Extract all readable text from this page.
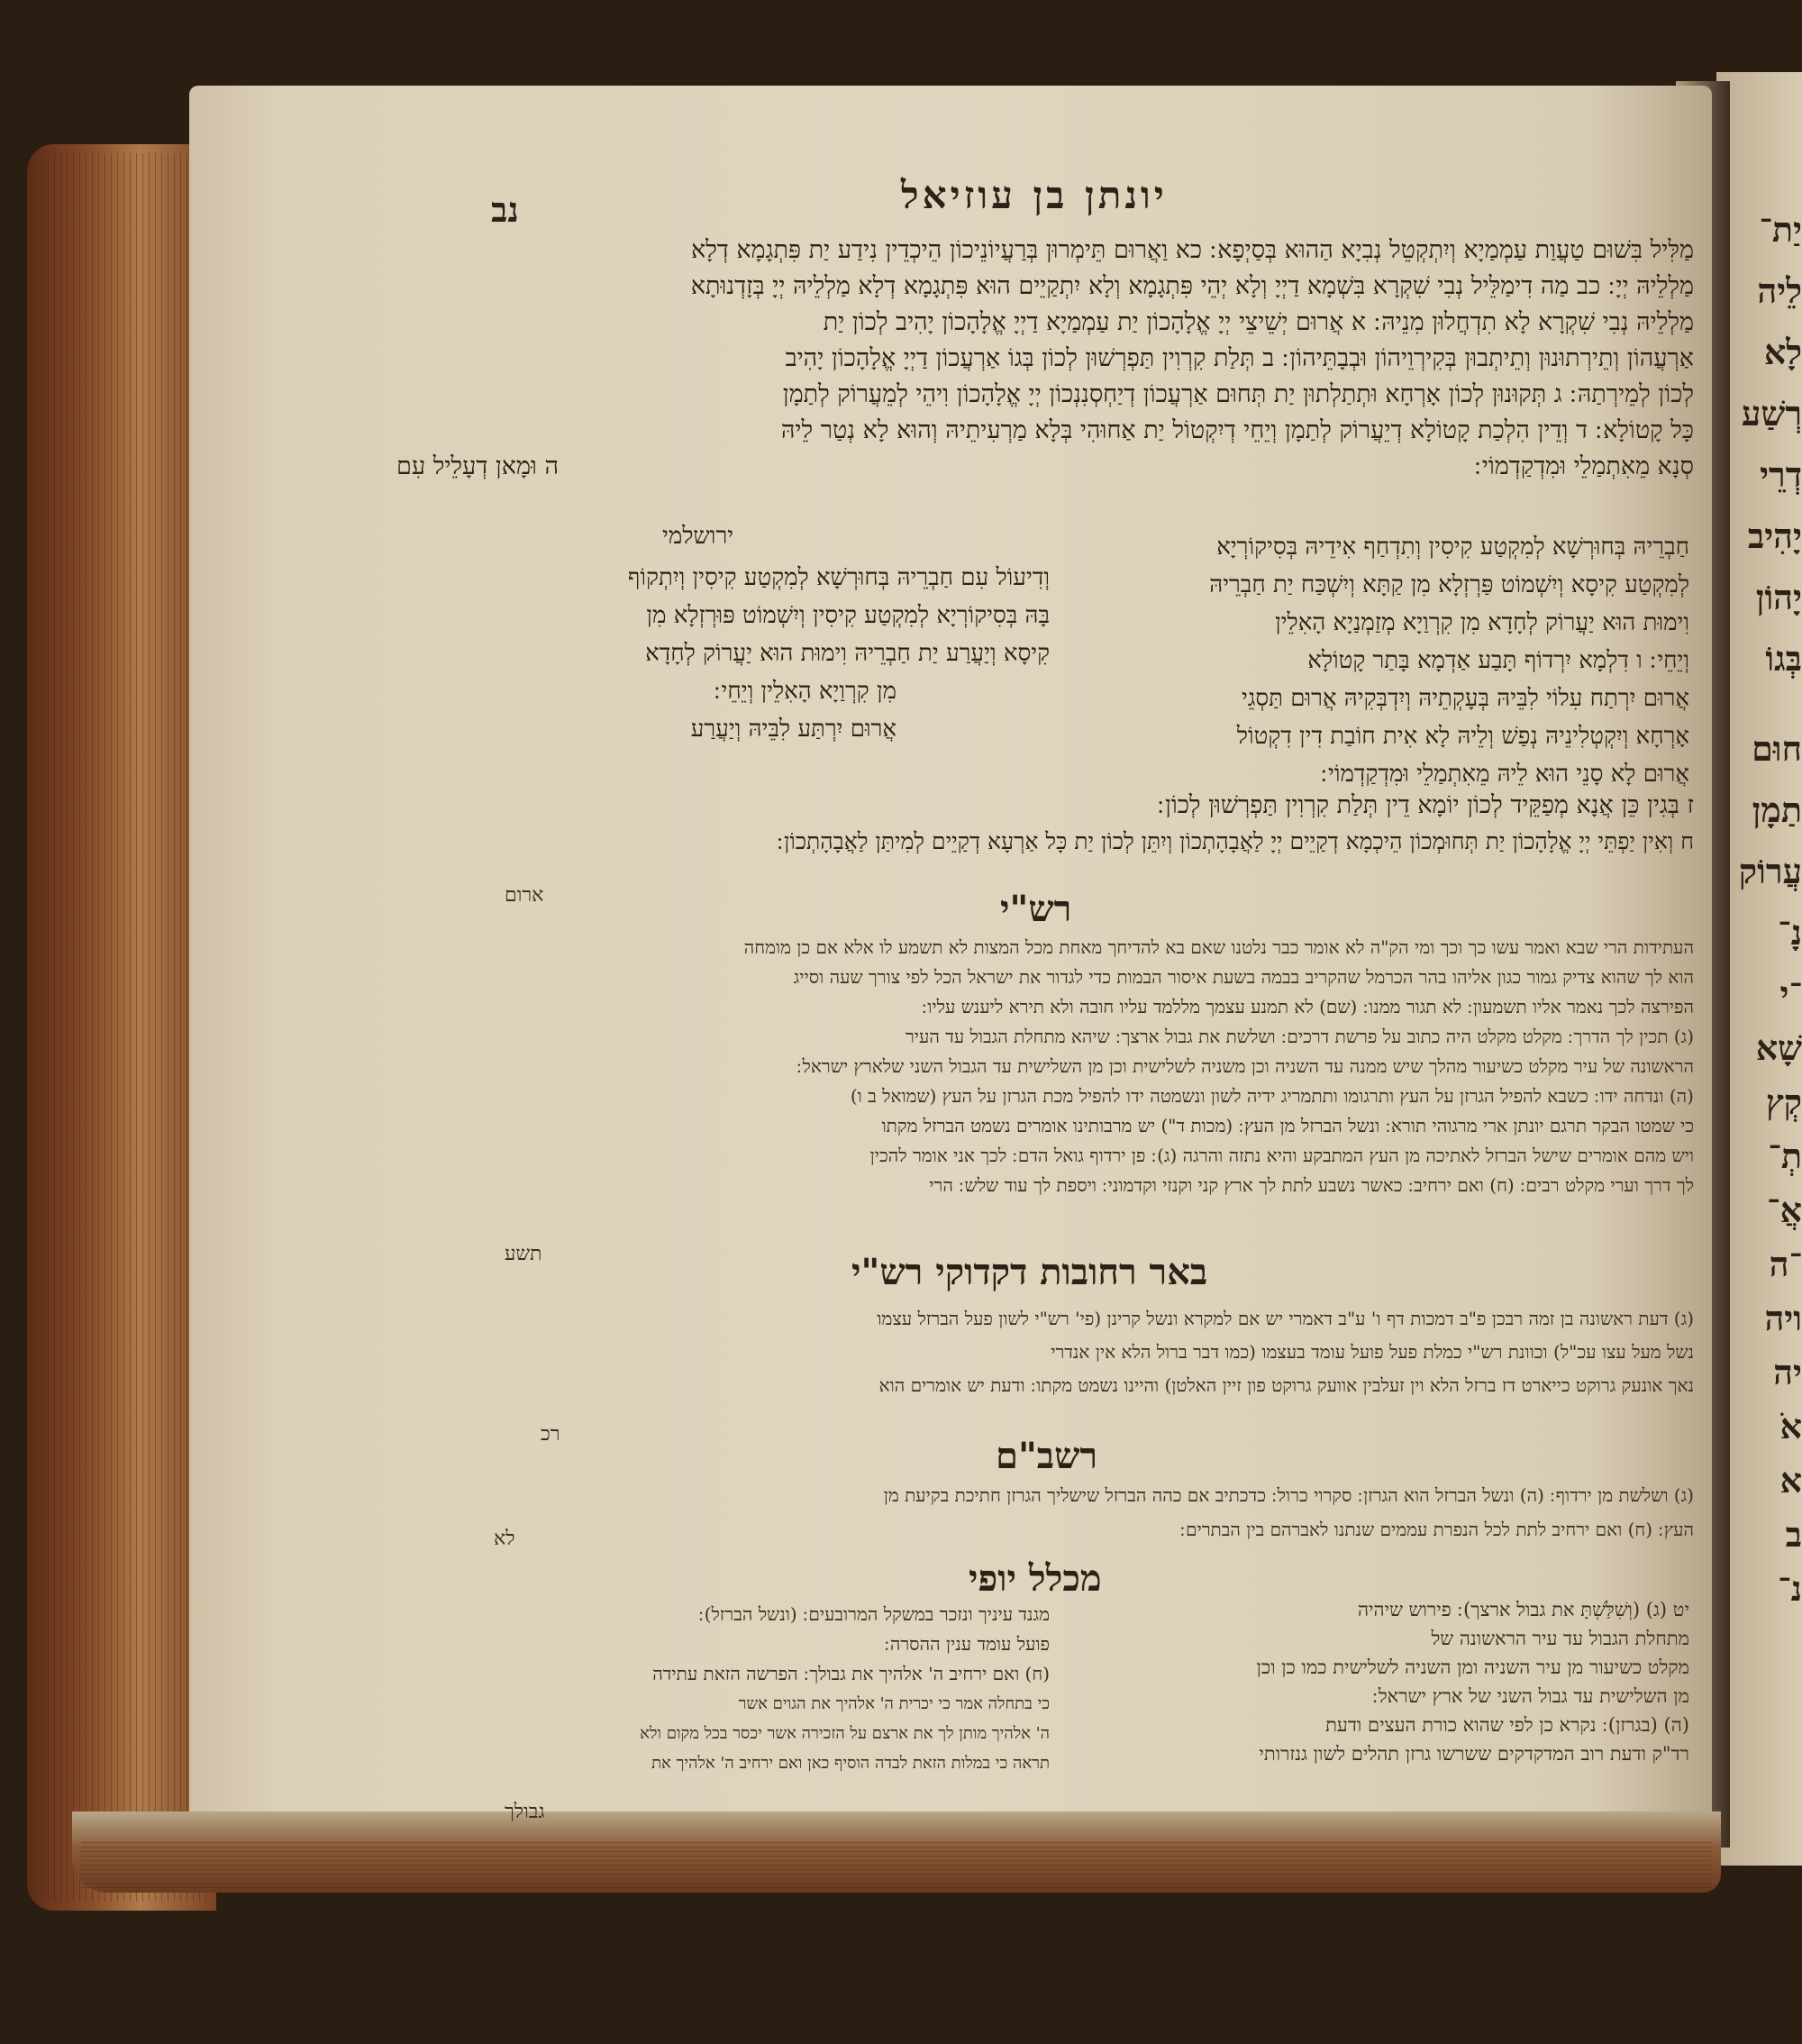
יונתן בן עוזיאל
נב
מַלִּיל בִּשׁוּם טַעֲוַת עַמְמַיָא וְיִתְקְטֵל נְבִיָא הַהוּא בְּסַיְפָא ׃ כא וַאֲרוּם תֵּימְרוּן בְּרַעֲיוֹנֵיכוֹן הֵיכְדֵין נִידַע יַת פִּתְגָמָא דְלָא
מַלְלֵיהּ יְיָ ׃ כב מַה דִימַלֵּיל נְבִי שִׁקְרָא בִּשְׁמָא דַיְיָ וְלָא יְהֵי פִּתְגָמָא וְלָא יִתְקַיֵים הוּא פִּתְגָמָא דְלָא מַלְלֵיהּ יְיָ בְּזָדְנוּתָא
מַלְלֵיהּ נְבִי שִׁקְרָא לָא תִדְחֲלוּן מִנֵיהּ ׃ א אֲרוּם יְשֵׁיצֵי יְיָ אֱלָהָכוֹן יַת עַמְמַיָא דַיְיָ אֱלָהָכוֹן יָהִיב לְכוֹן יַת
אַרְעֲהוֹן וְתֵירְתוּנוּן וְתֵיתְבוּן בְּקִירְוֵיהוֹן וּבְבָתֵּיהוֹן ׃ ב תְּלַת קִרְוִין תַּפְרְשׁוּן לְכוֹן בְּגוֹ אַרְעֲכוֹן דַיְיָ אֱלָהָכוֹן יָהִיב
לְכוֹן לְמֵירְתַהּ ׃ ג תְּקוּנוּן לְכוֹן אָרְחָא וּתְתַלְתוּן יַת תְּחוּם אַרְעֲכוֹן דְיַחְסְנִנְכוֹן יְיָ אֱלָהָכוֹן וִיהֵי לְמֵעֲרוֹק לְתַמָן
כָּל קָטוֹלָא ׃ ד וְדֵין הִלְכַת קָטוֹלָא דְיֵעֲרוֹק לְתַמָן וְיֵחֵי דְיִקְטוֹל יַת אַחוּהִי בְּלָא מַרְעִיתֵיהּ וְהוּא לָא נְטַר לֵיהּ
סְנָא מֵאִתְמַלֵי וּמִדְקַדְמוֹי ׃
ה וּמָאן דְעָלֵיל עִם
חַבְרֵיהּ בְּחוּרְשָׁא לְמִקְטַע קִיסִין וְתִדְחַף אִידֵיהּ בְּסִיקוֹרְיָא
לְמִקְטַע קִיסָא וְיִשְׁמוֹט פַּרְזְלָא מִן קַתָּא וְיִשְׁכַּח יַת חַבְרֵיהּ
וִימוּת הוּא יַעֲרוֹק לְחָדָא מִן קִרְוַיָא מְזַמְנַיָא הָאִלֵין
וְיֵחֵי ׃ ו דִלְמָא יִרְדוֹף תָּבַע אַדְמָא בָּתַר קָטוֹלָא
אֲרוּם יִרְתַח עִלוֹי לִבֵּיהּ בְּעָקְתֵיהּ וְיִדְבְּקִיהּ אֲרוּם תַּסְגֵי
אָרְחָא וְיִקְטְלִינֵיהּ נְפַשׁ וְלֵיהּ לָא אִית חוֹבַת דִין דִקְטוֹל
אֲרוּם לָא סָנֵי הוּא לֵיהּ מֵאִתְמַלֵי וּמִדְקַדְמוֹי ׃
ירושלמי
וְדִיעוֹל עִם חַבְרֵיהּ בְּחוּרְשָׁא לְמִקְטַע קִיסִין וְיִתְקוֹף
בָּהּ בְּסִיקוֹרְיָא לְמִקְטַע קִיסִין וְיִשְׁמוֹט פּוּרְזְלָא מִן
קִיסָא וְיַעֲרַע יַת חַבְרֵיהּ וִימוּת הוּא יַעֲרוֹק לְחָדָא
מִן קִרְוַיָא הָאִלֵין וְיֵחֵי ׃
אֲרוּם יִרְתַּע לִבֵּיהּ וְיַעֲרַע
ז בְּגִין כֵּן אֲנָא מְפַקֵּיד לְכוֹן יוֹמָא דֵין תְּלַת קִרְוִין תַּפְרְשׁוּן לְכוֹן ׃
ח וְאִין יַפְתֵּי יְיָ אֱלָהָכוֹן יַת תְּחוּמְכוֹן הֵיכְמָא דְקַיֵים יְיָ לַאֲבָהָתְכוֹן וְיִתֵּן לְכוֹן יַת כָּל אַרְעָא דְקַיֵים לְמִיתַּן לַאֲבָהָתְכוֹן ׃
ארום	רש"י
העתידות הרי שבא ואמר עשו כך וכך ומי הק"ה לא אומר כבר נלטנו שאם בא להדיחך מאחת מכל המצות לא תשמע לו אלא אם כן מומחה
הוא לך שהוא צדיק גמור כגון אליהו בהר הכרמל שהקריב בבמה בשעת איסור הבמות כדי לגדור את ישראל הכל לפי צורך שעה וסייג
הפירצה לכך נאמר אליו תשמעון ׃ לא תגור ממנו ׃ (שם) לא תמנע עצמך מללמד עליו חובה ולא תירא ליענש עליו ׃
(ג) תכין לך הדרך ׃ מקלט מקלט היה כתוב על פרשת דרכים ׃ ושלשת את גבול ארצך ׃ שיהא מתחלת הגבול עד העיר
הראשונה של עיר מקלט כשיעור מהלך שיש ממנה עד השניה וכן משניה לשלישית וכן מן השלישית עד הגבול השני שלארץ ישראל ׃
(ה) ונדחה ידו ׃ כשבא להפיל הגרזן על העץ ותרגומו ותתמריג ידיה לשון ונשמטה ידו להפיל מכת הגרזן על העץ (שמואל ב ו)
כי שמטו הבקר תרגם יונתן ארי מרגוהי תורא ׃ ונשל הברזל מן העץ ׃ (מכות ד") יש מרבותינו אומרים נשמט הברזל מקתו
ויש מהם אומרים שישל הברזל לאתיכה מן העץ המתבקע והיא נתזה והרגה (ג) ׃ פן ירדוף גואל הדם ׃ לכך אני אומר להכין
לך דרך וערי מקלט רבים ׃ (ח) ואם ירחיב ׃ כאשר נשבע לתת לך ארץ קני וקנזי וקדמוני ׃ ויספת לך עוד שלש ׃ הרי
תשע	באר רחובות דקדוקי רש"י
(ג) דעת ראשונה בן זמה רבכן פ"ב דמכות דף ו' ע"ב דאמרי יש אם למקרא ונשל קרינן (פי' רש"י לשון פעל הברזל עצמו
נשל מעל עצו עכ"ל) וכוונת רש"י כמלת פעל פועל עומד בעצמו (כמו דבר ברול הלא אין אנדרי
נאך אונעק גרוקט כייארט דז ברזל הלא וין זעלבין אוועק גרוקט פון זיין האלטן) והיינו נשמט מקתו ׃ ודעת יש אומרים הוא
רכ
רשב"ם
(ג) ושלשת מן ירדוף ׃ (ה) ונשל הברזל הוא הגרזן ׃ סקרוי כרול ׃ כדכתיב אם כהה הברזל שישליך הגרזן חתיכת בקיעת מן
העץ ׃ (ח) ואם ירחיב לתת לכל הנפרת עממים שנתנו לאברהם בין הבתרים ׃
לא
מכלל יופי
יט (ג) (וְשִׁלַּשְׁתָּ את גבול ארצך) ׃ פירוש שיהיה
מתחלת הגבול עד עיר הראשונה של
מקלט כשיעור מן עיר השניה ומן השניה לשלישית כמו כן וכן
מן השלישית עד גבול השני של ארץ ישראל ׃
(ה) (בגרזן) ׃ נקרא כן לפי שהוא כורת העצים ודעת
רד"ק ודעת רוב המדקדקים ששרשו גרזן תהלים לשון גנזרותי
מגנד עיניך ונזכר במשקל המרובעים ׃ (ונשל הברזל) ׃
פועל עומד ענין ההסרה ׃
(ח) ואם ירחיב ה' אלהיך את גבולך ׃ הפרשה הזאת עתידה
כי בתחלה אמר כי יכרית ה' אלהיך את הגוים אשר
ה' אלהיך מותן לך את ארצם על הזכירה אשר יכסר בכל מקום ולא
תראה כי במלות הזאת לבדה הוסיף כאן ואם ירחיב ה' אלהיך את
גבולך
יַת־
לֵיה
לָא
רְשַׁע
דְרֵי
יָהִיב
יָהוֹן
בְּגוֹ
חוּם
תַמָן
עֲרוֹק
נָ־
־י
שָׁא
קְץ
תְ־
אֲ־
־ה
ויה
יה
אֹ
א
ב
נ־
